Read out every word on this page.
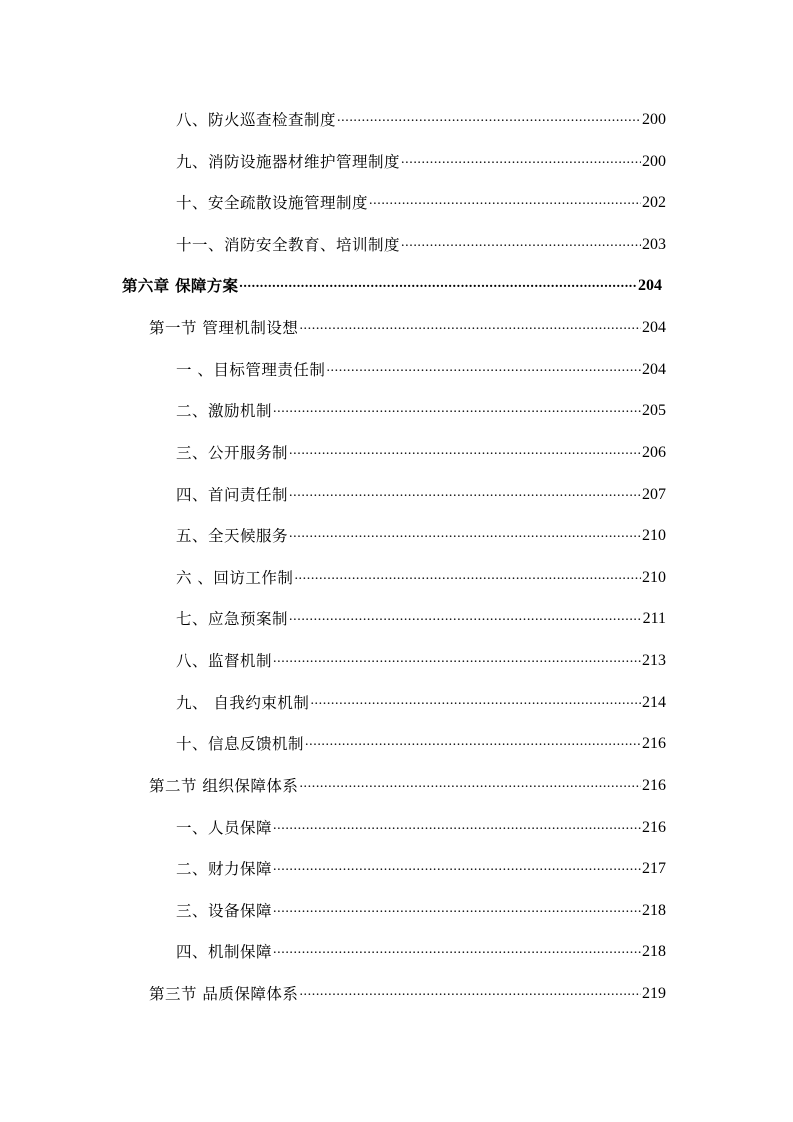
八、防火巡查检查制度 .....	200
九、消防设施器材维护管理制度 .....	200
十、安全疏散设施管理制度 .....	202
十一、消防安全教育、培训制度 .....	203
第六章 保障方案 .....	204
第一节 管理机制设想 .....	204
一 、目标管理责任制 .....	204
二、激励机制 .....	205
三、公开服务制 .....	206
四、首问责任制 .....	207
五、全天候服务 .....	210
六 、回访工作制 .....	210
七、应急预案制 .....	211
八、监督机制 .....	213
九、 自我约束机制 .....	214
十、信息反馈机制 .....	216
第二节 组织保障体系 .....	216
一、人员保障 .....	216
二、财力保障 .....	217
三、设备保障 .....	218
四、机制保障 .....	218
第三节 品质保障体系 .....	219
